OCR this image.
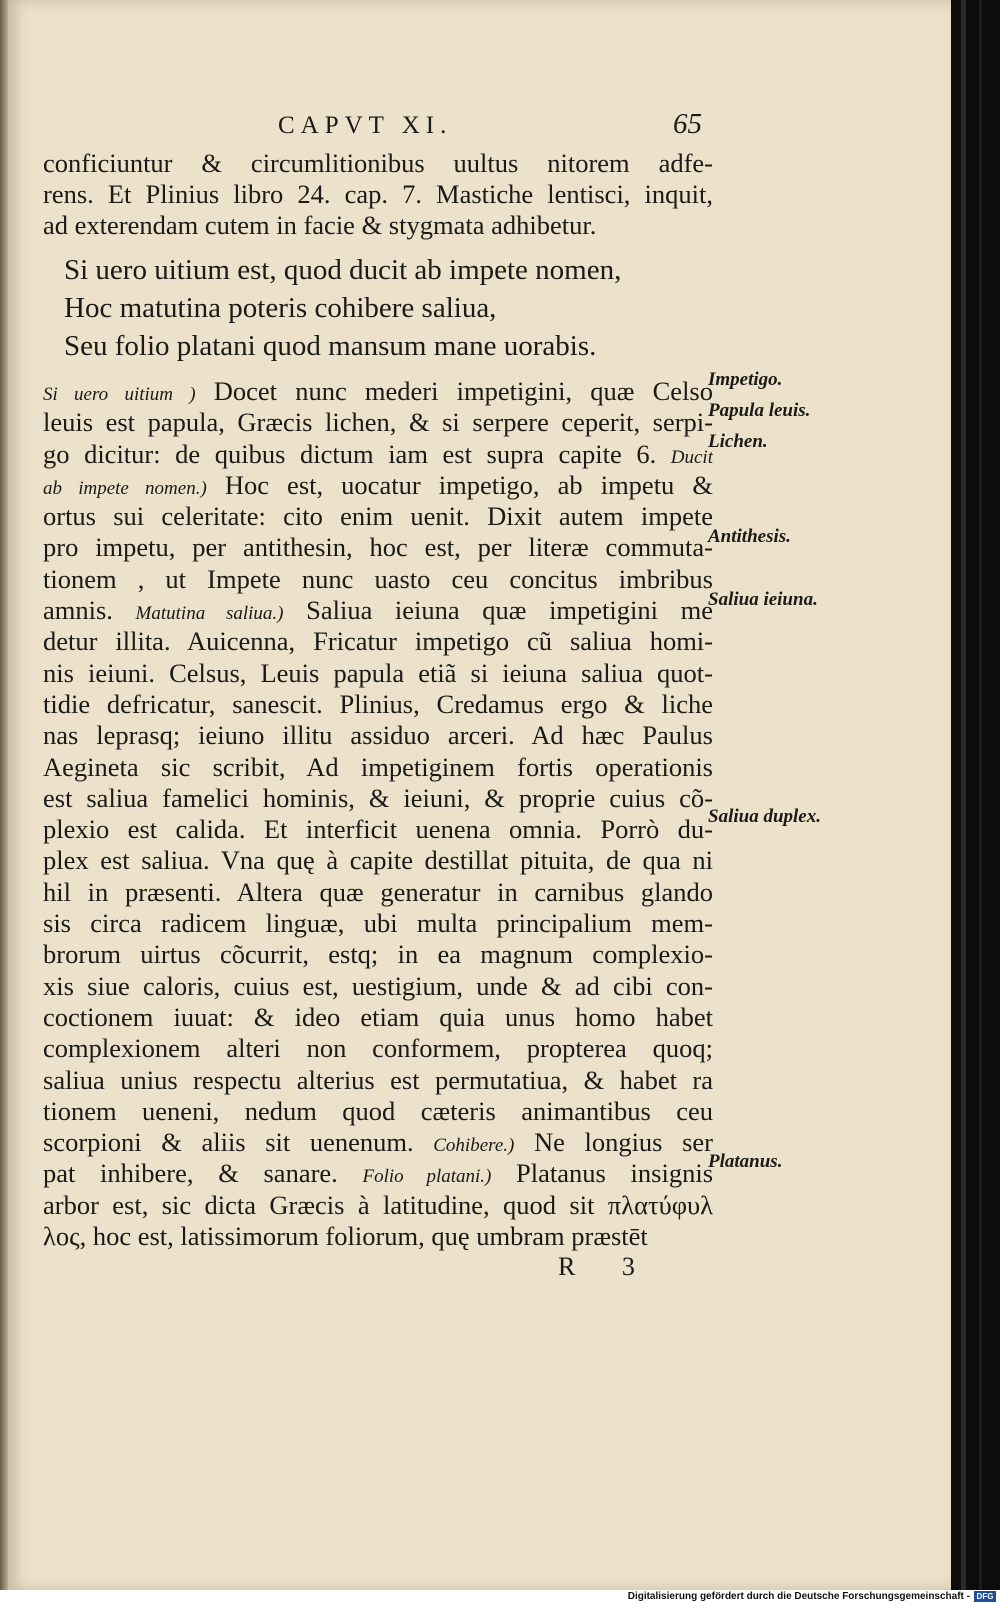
CAPVT XI.	65
conficiuntur & circumlitionibus uultus nitorem adfe-
rens. Et Plinius libro 24. cap. 7. Mastiche lentisci, inquit,
ad exterendam cutem in facie & stygmata adhibetur.
Si uero uitium est, quod ducit ab impete nomen,
Hoc matutina poteris cohibere saliua,
Seu folio platani quod mansum mane uorabis.
Si uero uitium ) Docet nunc mederi impetigini, quæ Celso
leuis est papula, Græcis lichen, & si serpere ceperit, serpi-
go dicitur: de quibus dictum iam est supra capite 6. Ducit
ab impete nomen.) Hoc est, uocatur impetigo, ab impetu &
ortus sui celeritate: cito enim uenit. Dixit autem impete
pro impetu, per antithesin, hoc est, per literæ commuta-
tionem , ut Impete nunc uasto ceu concitus imbribus
amnis. Matutina saliua.) Saliua ieiuna quæ impetigini me
detur illita. Auicenna, Fricatur impetigo cũ saliua homi-
nis ieiuni. Celsus, Leuis papula etiã si ieiuna saliua quot-
tidie defricatur, sanescit. Plinius, Credamus ergo & liche
nas leprasq; ieiuno illitu assiduo arceri. Ad hæc Paulus
Aegineta sic scribit, Ad impetiginem fortis operationis
est saliua famelici hominis, & ieiuni, & proprie cuius cõ-
plexio est calida. Et interficit uenena omnia. Porrò du-
plex est saliua. Vna quę à capite destillat pituita, de qua ni
hil in præsenti. Altera quæ generatur in carnibus glando
sis circa radicem linguæ, ubi multa principalium mem-
brorum uirtus cõcurrit, estq; in ea magnum complexio-
xis siue caloris, cuius est, uestigium, unde & ad cibi con-
coctionem iuuat: & ideo etiam quia unus homo habet
complexionem alteri non conformem, propterea quoq;
saliua unius respectu alterius est permutatiua, & habet ra
tionem ueneni, nedum quod cæteris animantibus ceu
scorpioni & aliis sit uenenum. Cohibere.) Ne longius ser
pat inhibere, & sanare. Folio platani.) Platanus insignis
arbor est, sic dicta Græcis à latitudine, quod sit πλατύφυλ
λος, hoc est, latissimorum foliorum, quę umbram præstēt
Impetigo.
Papula leuis.
Lichen.
Antithesis.
Saliua ieiuna.
Saliua duplex.
Platanus.
R 3
Digitalisierung gefördert durch die Deutsche Forschungsgemeinschaft - DFG
